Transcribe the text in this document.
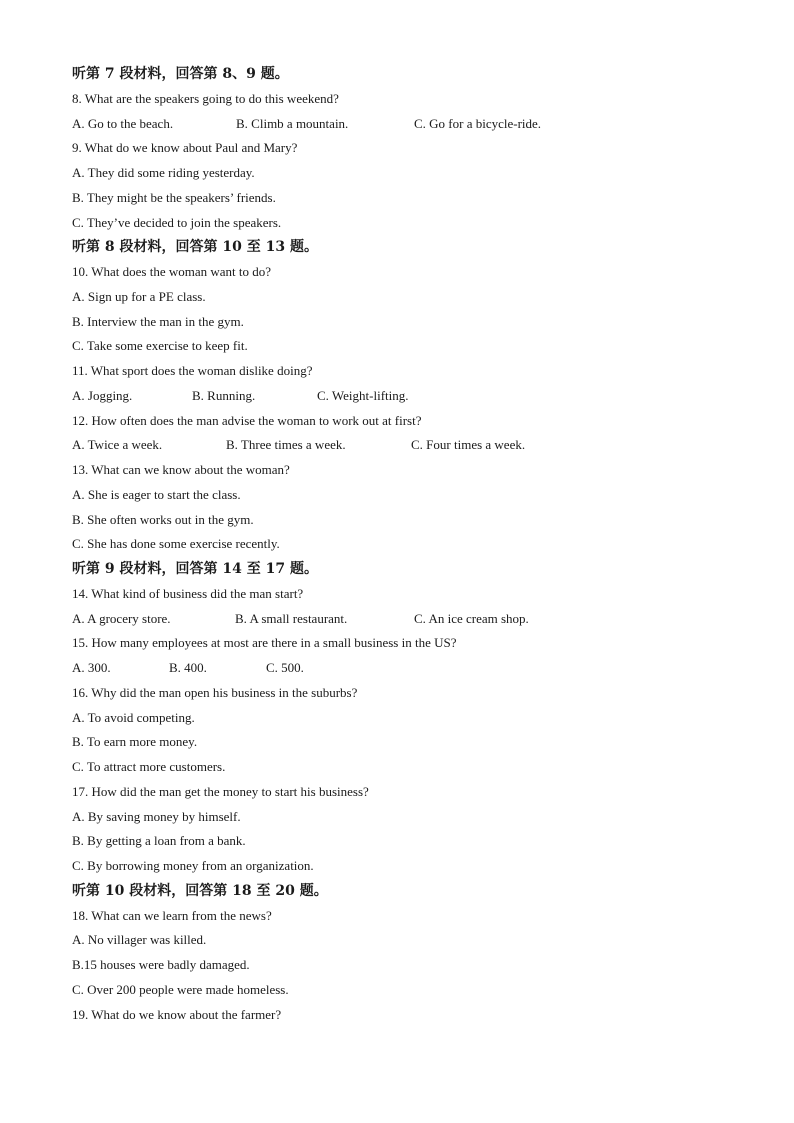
听第 7 段材料，回答第 8、9 题。
8. What are the speakers going to do this weekend?
A. Go to the beach.	B. Climb a mountain.	C. Go for a bicycle-ride.
9. What do we know about Paul and Mary?
A. They did some riding yesterday.
B. They might be the speakers’ friends.
C. They’ve decided to join the speakers.
听第 8 段材料，回答第 10 至 13 题。
10. What does the woman want to do?
A. Sign up for a PE class.
B. Interview the man in the gym.
C. Take some exercise to keep fit.
11. What sport does the woman dislike doing?
A. Jogging.	B. Running.	C. Weight-lifting.
12. How often does the man advise the woman to work out at first?
A. Twice a week.	B. Three times a week.	C. Four times a week.
13. What can we know about the woman?
A. She is eager to start the class.
B. She often works out in the gym.
C. She has done some exercise recently.
听第 9 段材料，回答第 14 至 17 题。
14. What kind of business did the man start?
A. A grocery store.	B. A small restaurant.	C. An ice cream shop.
15. How many employees at most are there in a small business in the US?
A. 300.	B. 400.	C. 500.
16. Why did the man open his business in the suburbs?
A. To avoid competing.
B. To earn more money.
C. To attract more customers.
17. How did the man get the money to start his business?
A. By saving money by himself.
B. By getting a loan from a bank.
C. By borrowing money from an organization.
听第 10 段材料，回答第 18 至 20 题。
18. What can we learn from the news?
A. No villager was killed.
B.15 houses were badly damaged.
C. Over 200 people were made homeless.
19. What do we know about the farmer?
